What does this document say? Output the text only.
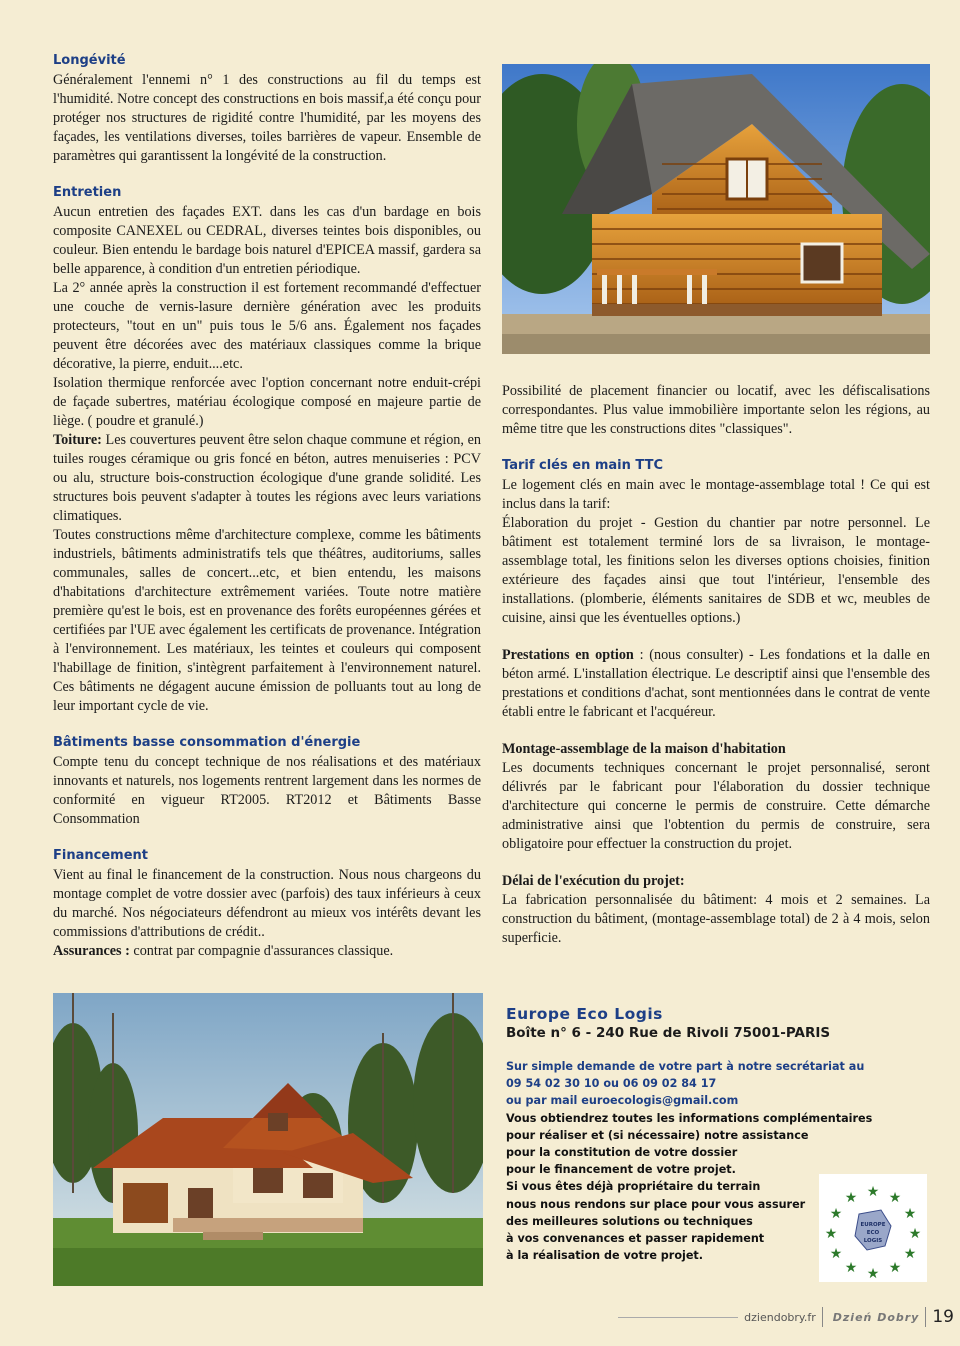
Longévité

Généralement l'ennemi n° 1 des constructions au fil du temps est l'humidité. Notre concept des constructions en bois massif,a été conçu pour protéger nos structures de rigidité contre l'humidité, par les moyens des façades, les ventilations diverses, toiles barrières de vapeur. Ensemble de paramètres qui garantissent la longévité de la construction.

Entretien

Aucun entretien des façades EXT. dans les cas d'un bardage en bois composite CANEXEL ou CEDRAL, diverses teintes bois disponibles, ou couleur. Bien entendu le bardage bois naturel d'EPICEA massif, gardera sa belle apparence, à condition d'un entretien périodique.

La 2° année après la construction il est fortement recommandé d'effectuer une couche de vernis-lasure dernière génération avec les produits protecteurs, "tout en un" puis tous le 5/6 ans. Également nos façades peuvent être décorées avec des matériaux classiques comme la brique décorative, la pierre, enduit....etc.

Isolation thermique renforcée avec l'option concernant notre enduit-crépi de façade subertres, matériau écologique composé en majeure partie de liège. ( poudre et granulé.)

Toiture: Les couvertures peuvent être selon chaque commune et région, en tuiles rouges céramique ou gris foncé en béton, autres menuiseries : PCV ou alu, structure bois-construction écologique d'une grande solidité. Les structures bois peuvent s'adapter à toutes les régions avec leurs variations climatiques.

Toutes constructions même d'architecture complexe, comme les bâtiments industriels, bâtiments administratifs tels que théâtres, auditoriums, salles communales, salles de concert...etc, et bien entendu, les maisons d'habitations d'architecture extrêmement variées. Toute notre matière première qu'est le bois, est en provenance des forêts européennes gérées et certifiées par l'UE avec également les certificats de provenance. Intégration à l'environnement. Les matériaux, les teintes et couleurs qui composent l'habillage de finition, s'intègrent parfaitement à l'environnement naturel. Ces bâtiments ne dégagent aucune émission de polluants tout au long de leur important cycle de vie.

Bâtiments basse consommation d'énergie

Compte tenu du concept technique de nos réalisations et des matériaux innovants et naturels, nos logements rentrent largement dans les normes de conformité en vigueur RT2005. RT2012 et Bâtiments Basse Consommation

Financement

Vient au final le financement de la construction. Nous nous chargeons du montage complet de votre dossier avec (parfois) des taux inférieurs à ceux du marché. Nos négociateurs défendront au mieux vos intérêts devant les commissions d'attributions de crédit..

Assurances : contrat par compagnie d'assurances classique.

Possibilité de placement financier ou locatif, avec les défiscalisations correspondantes. Plus value immobilière importante selon les régions, au même titre que les constructions dites "classiques".

Tarif clés en main TTC

Le logement clés en main avec le montage-assemblage total ! Ce qui est inclus dans la tarif:

Élaboration du projet - Gestion du chantier par notre personnel. Le bâtiment est totalement terminé lors de sa livraison, le montage-assemblage total, les finitions selon les diverses options choisies, finition extérieure des façades ainsi que tout l'intérieur, l'ensemble des installations. (plomberie, éléments sanitaires de SDB et wc, meubles de cuisine, ainsi que les éventuelles options.)

Prestations en option : (nous consulter) - Les fondations et la dalle en béton armé. L'installation électrique. Le descriptif ainsi que l'ensemble des prestations et conditions d'achat, sont mentionnées dans le contrat de vente établi entre le fabricant et l'acquéreur.

Montage-assemblage de la maison d'habitation

Les documents techniques concernant le projet personnalisé, seront délivrés par le fabricant pour l'élaboration du dossier technique d'architecture qui concerne le permis de construire. Cette démarche administrative ainsi que l'obtention du permis de construire, sera obligatoire pour effectuer la construction du projet.

Délai de l'exécution du projet:

La fabrication personnalisée du bâtiment: 4 mois et 2 semaines. La construction du bâtiment, (montage-assemblage total) de 2 à 4 mois, selon superficie.

Europe Eco Logis
Boîte n° 6 - 240 Rue de Rivoli 75001-PARIS
Sur simple demande de votre part à notre secrétariat au
09 54 02 30 10 ou 06 09 02 84 17
ou par mail euroecologis@gmail.com
Vous obtiendrez toutes les informations complémentaires
pour réaliser et (si nécessaire) notre assistance
pour la constitution de votre dossier
pour le financement de votre projet.
Si vous êtes déjà propriétaire du terrain
nous nous rendons sur place pour vous assurer
des meilleures solutions ou techniques
à vos convenances et passer rapidement
à la réalisation de votre projet.
★ ★
★
★
★
★
★
★
★
★
★
★
EUROPE
ECO
LOGIS
dziendobry.fr Dzień Dobry 19
